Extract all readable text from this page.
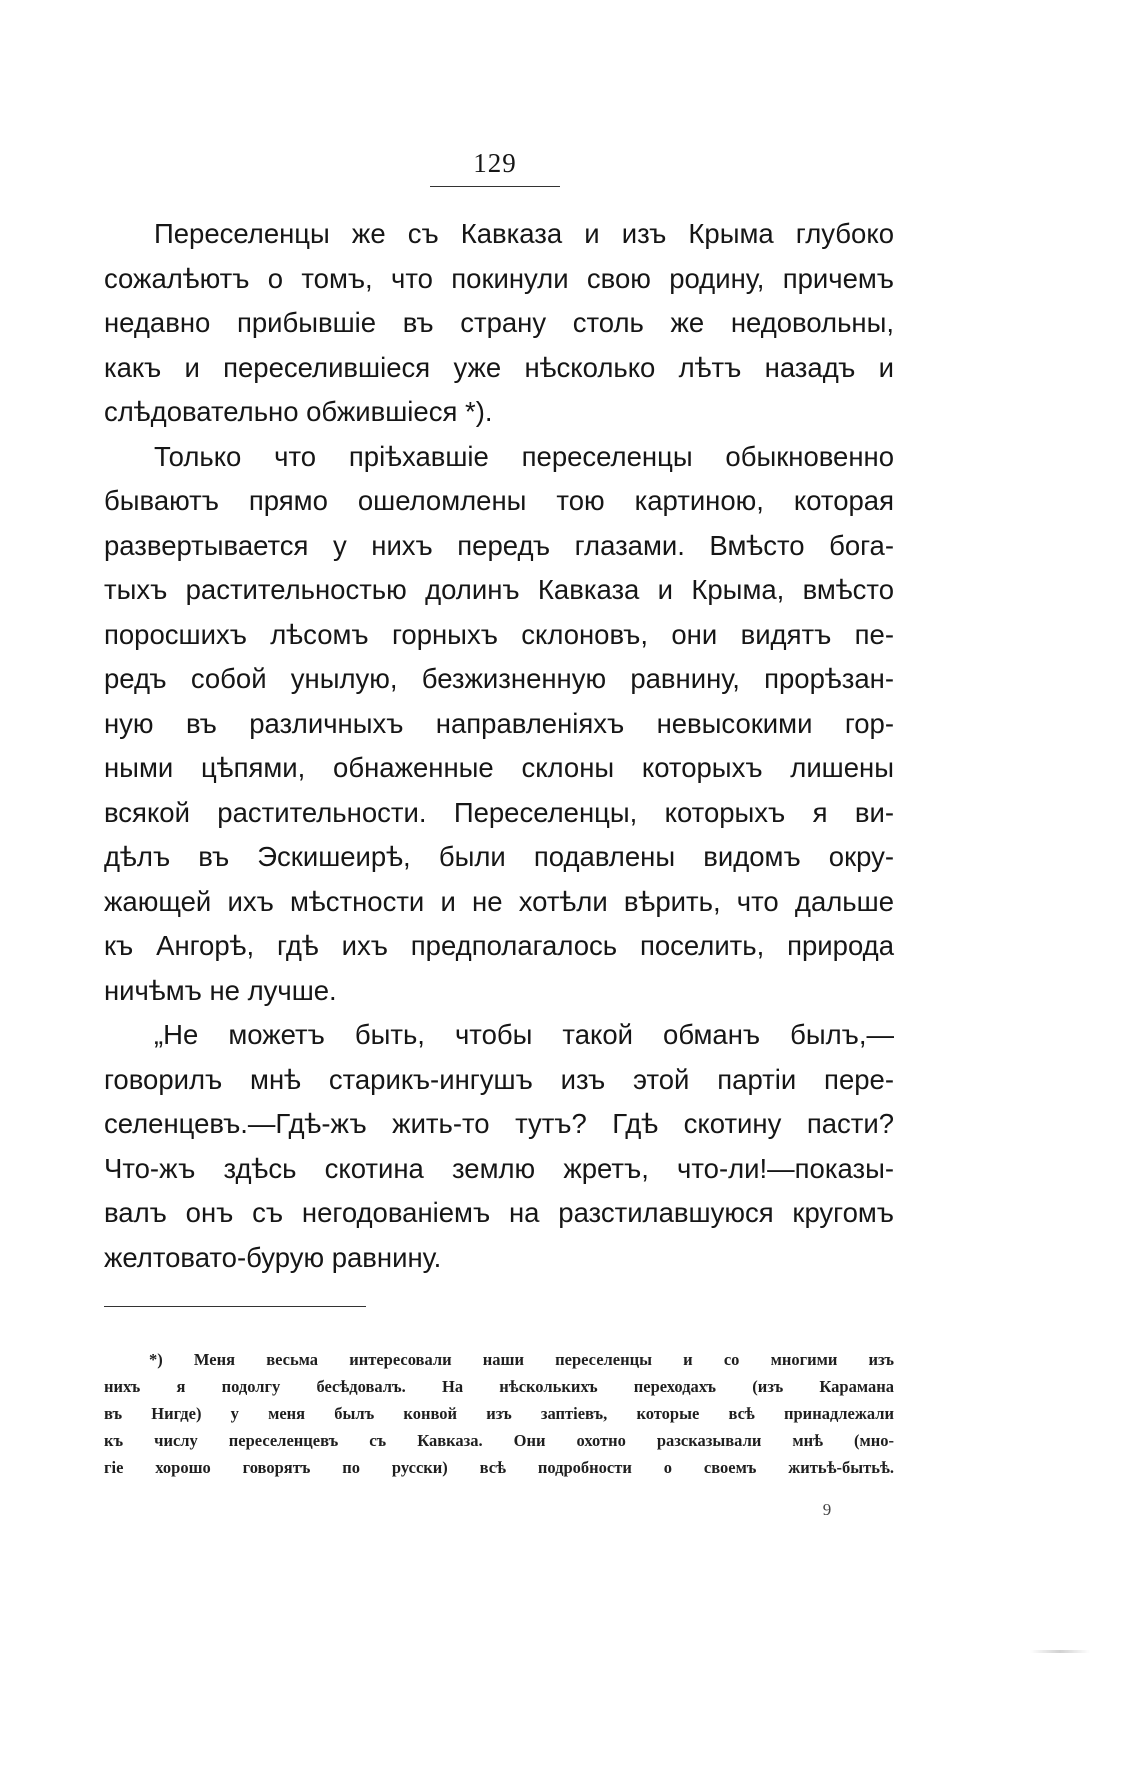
129
Переселенцы же съ Кавказа и изъ Крыма глубоко
сожалѣютъ о томъ, что покинули свою родину, причемъ
недавно прибывшіе въ страну столь же недовольны,
какъ и переселившіеся уже нѣсколько лѣтъ назадъ и
слѣдовательно обжившіеся *).
Только что пріѣхавшіе переселенцы обыкновенно
бываютъ прямо ошеломлены тою картиною, которая
развертывается у нихъ передъ глазами. Вмѣсто бога-
тыхъ растительностью долинъ Кавказа и Крыма, вмѣсто
поросшихъ лѣсомъ горныхъ склоновъ, они видятъ пе-
редъ собой унылую, безжизненную равнину, прорѣзан-
ную въ различныхъ направленіяхъ невысокими гор-
ными цѣпями, обнаженные склоны которыхъ лишены
всякой растительности. Переселенцы, которыхъ я ви-
дѣлъ въ Эскишеирѣ, были подавлены видомъ окру-
жающей ихъ мѣстности и не хотѣли вѣрить, что дальше
къ Ангорѣ, гдѣ ихъ предполагалось поселить, природа
ничѣмъ не лучше.
„Не можетъ быть, чтобы такой обманъ былъ,—
говорилъ мнѣ старикъ-ингушъ изъ этой партіи пере-
селенцевъ.—Гдѣ-жъ жить-то тутъ? Гдѣ скотину пасти?
Что-жъ здѣсь скотина землю жретъ, что-ли!—показы-
валъ онъ съ негодованіемъ на разстилавшуюся кругомъ
желтовато-бурую равнину.
*) Меня весьма интересовали наши переселенцы и со многими изъ
нихъ я подолгу бесѣдовалъ. На нѣсколькихъ переходахъ (изъ Карамана
въ Нигде) у меня былъ конвой изъ заптіевъ, которые всѣ принадлежали
къ числу переселенцевъ съ Кавказа. Они охотно разсказывали мнѣ (мно-
гіе хорошо говорятъ по русски) всѣ подробности о своемъ житьѣ-бытьѣ.
9
